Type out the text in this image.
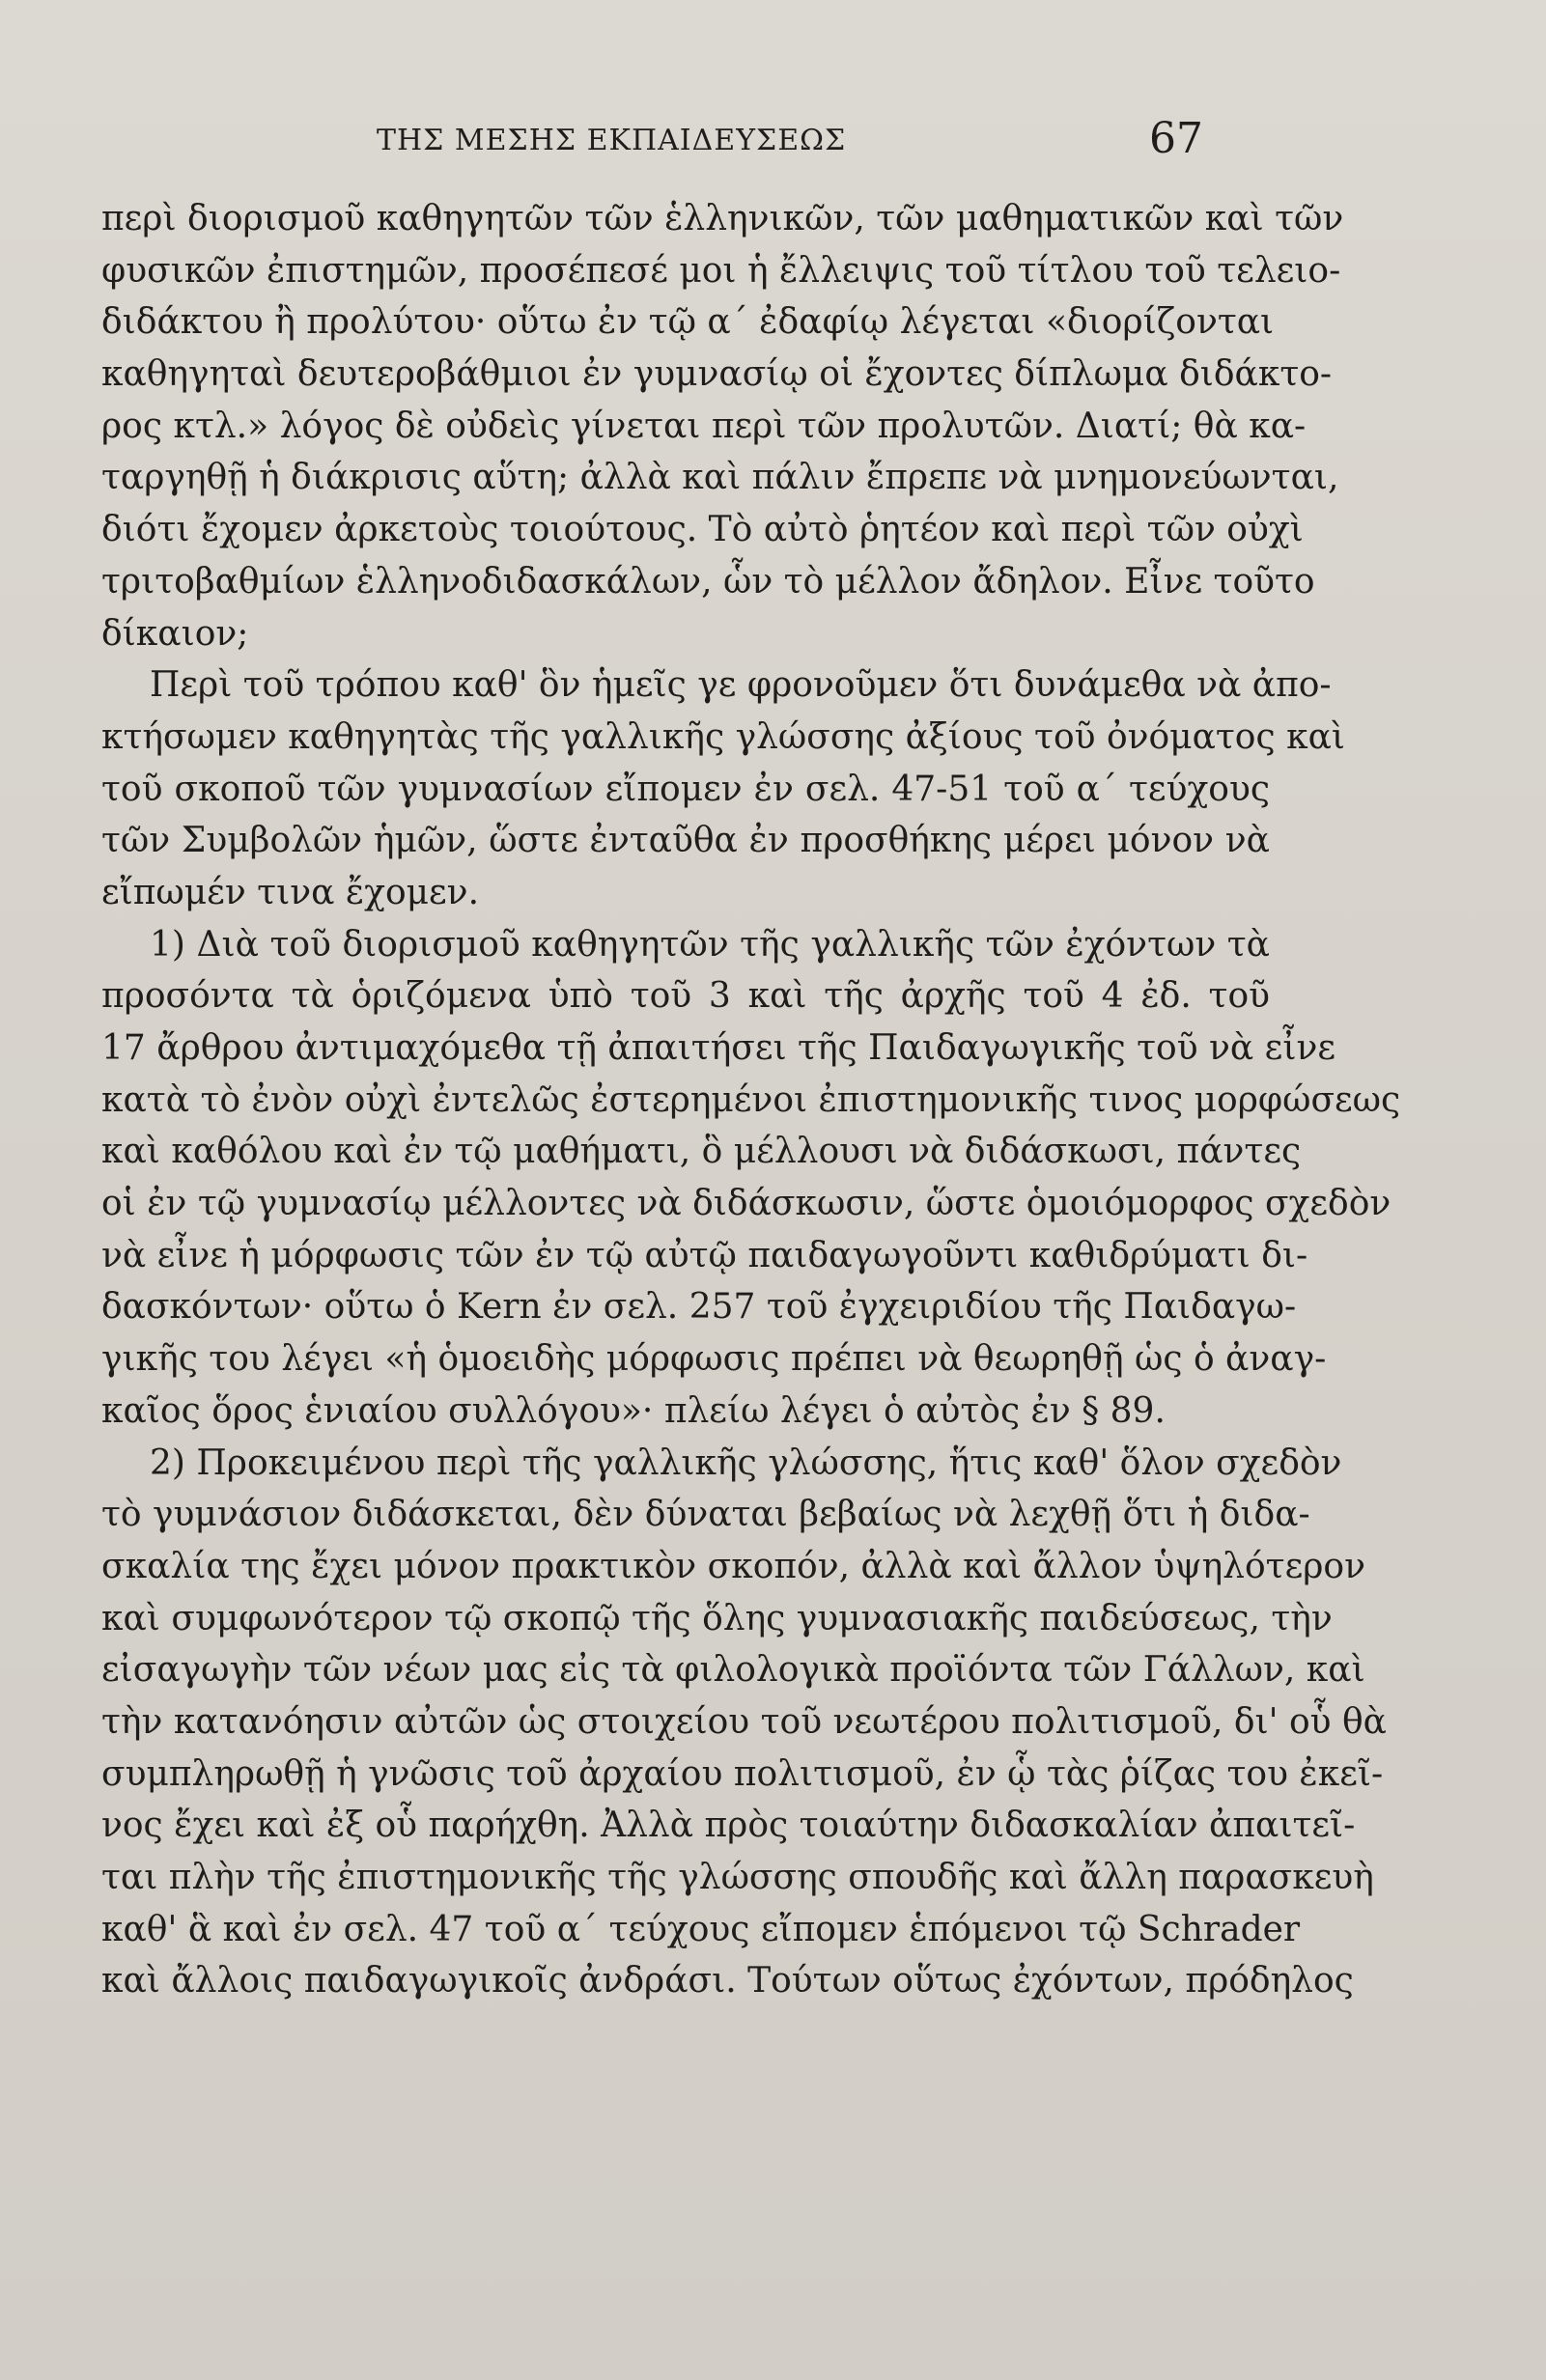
ΤΗΣ ΜΕΣΗΣ ΕΚΠΑΙΔΕΥΣΕΩΣ	67
περὶ διορισμοῦ καθηγητῶν τῶν ἑλληνικῶν, τῶν μαθηματικῶν καὶ τῶν
φυσικῶν ἐπιστημῶν, προσέπεσέ μοι ἡ ἔλλειψις τοῦ τίτλου τοῦ τελειο-
διδάκτου ἢ προλύτου· οὕτω ἐν τῷ α΄ ἐδαφίῳ λέγεται «διορίζονται
καθηγηταὶ δευτεροβάθμιοι ἐν γυμνασίῳ οἱ ἔχοντες δίπλωμα διδάκτο-
ρος κτλ.» λόγος δὲ οὐδεὶς γίνεται περὶ τῶν προλυτῶν. Διατί; θὰ κα-
ταργηθῇ ἡ διάκρισις αὕτη; ἀλλὰ καὶ πάλιν ἔπρεπε νὰ μνημονεύωνται,
διότι ἔχομεν ἀρκετοὺς τοιούτους. Τὸ αὐτὸ ῥητέον καὶ περὶ τῶν οὐχὶ
τριτοβαθμίων ἑλληνοδιδασκάλων, ὧν τὸ μέλλον ἄδηλον. Εἶνε τοῦτο
δίκαιον;
Περὶ τοῦ τρόπου καθ' ὃν ἡμεῖς γε φρονοῦμεν ὅτι δυνάμεθα νὰ ἀπο-
κτήσωμεν καθηγητὰς τῆς γαλλικῆς γλώσσης ἀξίους τοῦ ὀνόματος καὶ
τοῦ σκοποῦ τῶν γυμνασίων εἴπομεν ἐν σελ. 47-51 τοῦ α΄ τεύχους
τῶν Συμβολῶν ἡμῶν, ὥστε ἐνταῦθα ἐν προσθήκης μέρει μόνον νὰ
εἴπωμέν τινα ἔχομεν.
1) Διὰ τοῦ διορισμοῦ καθηγητῶν τῆς γαλλικῆς τῶν ἐχόντων τὰ
προσόντα τὰ ὁριζόμενα ὑπὸ τοῦ 3 καὶ τῆς ἀρχῆς τοῦ 4 ἐδ. τοῦ
17 ἄρθρου ἀντιμαχόμεθα τῇ ἀπαιτήσει τῆς Παιδαγωγικῆς τοῦ νὰ εἶνε
κατὰ τὸ ἐνὸν οὐχὶ ἐντελῶς ἐστερημένοι ἐπιστημονικῆς τινος μορφώσεως
καὶ καθόλου καὶ ἐν τῷ μαθήματι, ὃ μέλλουσι νὰ διδάσκωσι, πάντες
οἱ ἐν τῷ γυμνασίῳ μέλλοντες νὰ διδάσκωσιν, ὥστε ὁμοιόμορφος σχεδὸν
νὰ εἶνε ἡ μόρφωσις τῶν ἐν τῷ αὐτῷ παιδαγωγοῦντι καθιδρύματι δι-
δασκόντων· οὕτω ὁ Kern ἐν σελ. 257 τοῦ ἐγχειριδίου τῆς Παιδαγω-
γικῆς του λέγει «ἡ ὁμοειδὴς μόρφωσις πρέπει νὰ θεωρηθῇ ὡς ὁ ἀναγ-
καῖος ὅρος ἑνιαίου συλλόγου»· πλείω λέγει ὁ αὐτὸς ἐν § 89.
2) Προκειμένου περὶ τῆς γαλλικῆς γλώσσης, ἥτις καθ' ὅλον σχεδὸν
τὸ γυμνάσιον διδάσκεται, δὲν δύναται βεβαίως νὰ λεχθῇ ὅτι ἡ διδα-
σκαλία της ἔχει μόνον πρακτικὸν σκοπόν, ἀλλὰ καὶ ἄλλον ὑψηλότερον
καὶ συμφωνότερον τῷ σκοπῷ τῆς ὅλης γυμνασιακῆς παιδεύσεως, τὴν
εἰσαγωγὴν τῶν νέων μας εἰς τὰ φιλολογικὰ προϊόντα τῶν Γάλλων, καὶ
τὴν κατανόησιν αὐτῶν ὡς στοιχείου τοῦ νεωτέρου πολιτισμοῦ, δι' οὗ θὰ
συμπληρωθῇ ἡ γνῶσις τοῦ ἀρχαίου πολιτισμοῦ, ἐν ᾧ τὰς ῥίζας του ἐκεῖ-
νος ἔχει καὶ ἐξ οὗ παρήχθη. Ἀλλὰ πρὸς τοιαύτην διδασκαλίαν ἀπαιτεῖ-
ται πλὴν τῆς ἐπιστημονικῆς τῆς γλώσσης σπουδῆς καὶ ἄλλη παρασκευὴ
καθ' ἃ καὶ ἐν σελ. 47 τοῦ α΄ τεύχους εἴπομεν ἑπόμενοι τῷ Schrader
καὶ ἄλλοις παιδαγωγικοῖς ἀνδράσι. Τούτων οὕτως ἐχόντων, πρόδηλος
